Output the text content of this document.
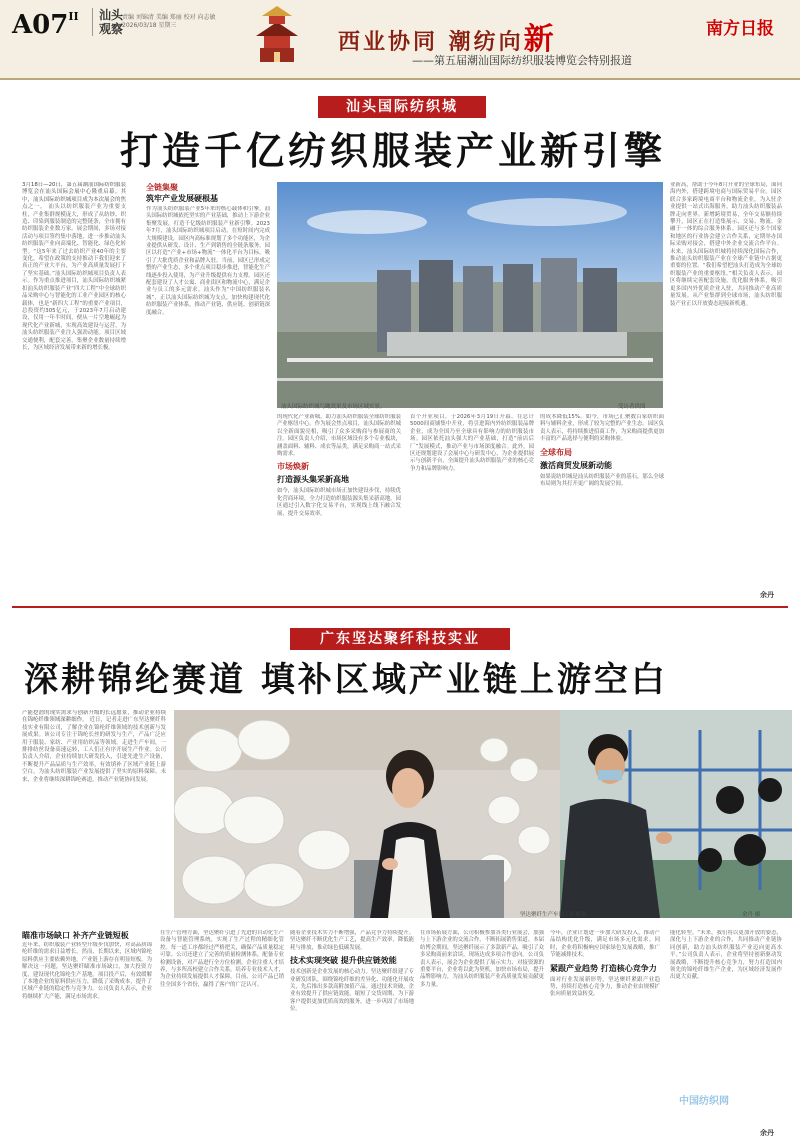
$A07^{II}$	汕头
观察
责编 刘锦清 美编 郑丽 校对 向志敏
2026/03/18 星期三
西业协同 潮纺向新
——第五届潮汕国际纺织服装博览会特别报道
南方日报
汕头国际纺织城
打造千亿纺织服装产业新引擎
3月18日—20日，第五届潮汕国际纺织服装博览会在汕头国际会展中心隆重启幕。其中，汕头国际纺织城项目成为本次展会的焦点之一。 汕头以纺织服装产业为重要支柱，产业集群规模庞大，形成了从纺纱、织造、印染到服装制造的完整链条，全市拥有纺织服装企业数万家。展会期间，多场对接活动与项目签约集中落地，进一步推动汕头纺织服装产业向高端化、智能化、绿色化转型。“这5年来了过去纺织产业40年的主要变化，希望在政策的支持推动下我们迎来了真正的产业大平台，为产业高质量发展打下了坚实基础。”汕头国际纺织城项目负责人表示。作为重点推进项目，汕头国际纺织城紧扣汕头纺织服装产业“四大工程”中全球纺织品采购中心与智能化的工业产业园区的核心载体，也是“新四大工程”的重要产业项目，总投资约305亿元，于2023年7月启动建设，仅用一年半时间，便从一片空地崛起为现代化产业新城，实现高效建设与运营，为汕头纺织服装产业注入强劲动能。项目区域交通便利，配套完善，集聚企业数量持续增长，为区域经济发展带来新的增长极。
汕头国际纺织城鸟瞰效果及市场区域实景。	受访者供图
全链集聚
筑牢产业发展硬根基
作为汕头纺织服装产业5年来的核心载体和引擎，汕头国际纺织城依托坚实的产业基础，推动上下游企业集聚发展，打造千亿级纺织服装产业新引擎。2023年7月，汕头国际纺织城项目启动，在短时间内完成大规模建设，园区内高标准规划了多个功能区，为企业提供从研发、设计、生产到销售的全链条服务。园区以打造“产业+市场+物流”一体化平台为目标，吸引了大批优质企业和品牌入驻。当前，园区已形成完整的产业生态，多个重点项目稳步推进，智能化生产线逐步投入使用，为产业升级提供有力支撑。园区还配套建设了人才公寓、商业街区和物流中心，满足企业与员工的多元需求。汕头作为“中国纺织服装名城”，正以汕头国际纺织城为支点，加快构建现代化纺织服装产业体系，推动产业链、供应链、创新链深度融合。
的现代化产业新城，助力汕头纺织服装全球纺织服装产业枢纽中心。作为展会焦点项目，汕头国际纺织城以全新面貌亮相，吸引了众多采购商与参展商的关注。园区负责人介绍，市场区域设有多个专业板块，涵盖面料、辅料、成衣等品类，满足采购商一站式采购需求。
市场焕新
打造源头集采新高地
如今，汕头国际纺织城市场正加快建设步伐，持续优化营商环境，全力打造纺织服装源头集采新高地。园区通过引入数字化交易平台，实现线上线下融合发展，提升交易效率。
首个开业项目，于2026年3月19日开幕。在总计5000间商铺集中开业，将引进海内外纺织服装品牌企业，成为全国乃至全球具有影响力的纺织服装市场。园区依托汕头强大的产业基础，打造“前店后厂”发展模式，推动产业与市场深度融合。此外，园区还规划建设了会展中心与研发中心，为企业提供展示与创新平台，全面提升汕头纺织服装产业的核心竞争力和品牌影响力。
的成本降低15%。如今，市场已汇聚数百家纺织面料与辅料企业，形成了较为完整的产业生态。园区负责人表示，将持续推进招商工作，为采购商提供更加丰富的产品选择与便利的采购体验。
全球布局
激活商贸发展新动能
如果说纺织城是汕头纺织服装产业的基石，那么全球布局则为其打开更广阔的发展空间。
业新高，帮助于今年8月开业的全球布局，面向海内外，搭建跨境电商与国际贸易平台。园区联合多家跨境电商平台和物流企业，为入驻企业提供一站式出海服务，助力汕头纺织服装品牌走向世界。新增跨境贸易，全年交易额持续攀升，园区正在打造集展示、交易、物流、金融于一体的综合服务体系。园区还与多个国家和地区的行业协会建立合作关系，定期举办国际采购对接会，搭建中外企业交流合作平台。未来，汕头国际纺织城将持续深化国际合作，推动汕头纺织服装产业在全球产业链中占据更重要的位置。“我们希望把汕头打造成为全球纺织服装产业的重要枢纽。”相关负责人表示，园区将继续完善配套设施，优化服务体系，吸引更多国内外优质企业入驻，共同推动产业高质量发展。从产业集群到全球市场，汕头纺织服装产业正以开放姿态迎接新机遇。
余丹
广东坚达聚纤科技实业
深耕锦纶赛道 填补区域产业链上游空白
产能挖潜的现实需求与创新升级的长远愿景，推动企业持续在锦纶纤维领域深耕细作。 近日，记者走进广东坚达聚纤科技实业有限公司，了解企业在锦纶纤维领域的技术创新与发展成果。该公司专注于锦纶长丝的研发与生产，产品广泛应用于服装、家纺、产业用纺织品等领域。走进生产车间，一排排纺丝设备高速运转，工人们正有序开展生产作业。公司负责人介绍，企业持续加大研发投入，引进先进生产设备，不断提升产品品质与生产效率，有效填补了区域产业链上游空白，为汕头纺织服装产业发展提供了坚实的原料保障。未来，企业将继续深耕锦纶赛道，推动产业链协同发展。
坚达聚纤生产车间工作场景。	余丹 摄
瞄准市场缺口 补齐产业链短板
近年来，纺织服装产业转型升级步伐加快，对高品质锦纶纤维的需求日益增长。然而，长期以来，区域内锦纶原料供应主要依赖外地，产业链上游存在明显短板。为解决这一问题，坚达聚纤瞄准市场缺口，加大投资力度，建设现代化锦纶生产基地。项目投产后，有效缓解了本地企业的原料供应压力，降低了采购成本，提升了区域产业链的稳定性与竞争力。公司负责人表示，企业将继续扩大产能，满足市场需求。
在生产管理方面，坚达聚纤引进了先进的自动化生产设备与智能管理系统，实现了生产过程的精细化管控。每一道工序都经过严格把关，确保产品质量稳定可靠。公司还建立了完善的质量检测体系，配备专业检测设备，对产品进行全方位检测。企业注重人才培养，与多所高校建立合作关系，培养专业技术人才，为企业持续发展提供人才保障。目前，公司产品已销往全国多个省份，赢得了客户的广泛认可。
随着企业技术实力不断增强，产品竞争力持续提升。坚达聚纤不断优化生产工艺，提高生产效率，降低能耗与排放，推动绿色低碳发展。
技术实现突破 提升供应链效能
技术创新是企业发展的核心动力。坚达聚纤组建了专业研发团队，围绕锦纶纤维的差异化、功能化开展攻关，先后推出多款高附加值产品。通过技术突破，企业有效提升了供应链效能，缩短了交货周期，为下游客户提供更加优质高效的服务，进一步巩固了市场地位。
在市场拓展方面，公司积极参加各类行业展会，加强与上下游企业的交流合作，不断拓展销售渠道。本届纺博会期间，坚达聚纤展示了多款新产品，吸引了众多采购商前来洽谈，现场达成多项合作意向。公司负责人表示，展会为企业提供了展示实力、对接资源的重要平台，企业将以此为契机，加快市场布局，提升品牌影响力，为汕头纺织服装产业高质量发展贡献更多力量。
今年，企业计划进一步加大研发投入，推动产品结构优化升级，满足市场多元化需求。同时，企业将积极响应国家绿色发展战略，推广节能减排技术。
紧跟产业趋势 打造核心竞争力
面对行业发展新形势，坚达聚纤紧跟产业趋势，持续打造核心竞争力，推动企业由规模扩张向质量效益转变。
能化转型。“未来，我们将以更加开放的姿态，深化与上下游企业的合作，共同推动产业链协同创新，助力汕头纺织服装产业迈向更高水平。”公司负责人表示，企业将坚持创新驱动发展战略，不断提升核心竞争力，努力打造国内领先的锦纶纤维生产企业，为区域经济发展作出更大贡献。
余丹
中国纺织网
